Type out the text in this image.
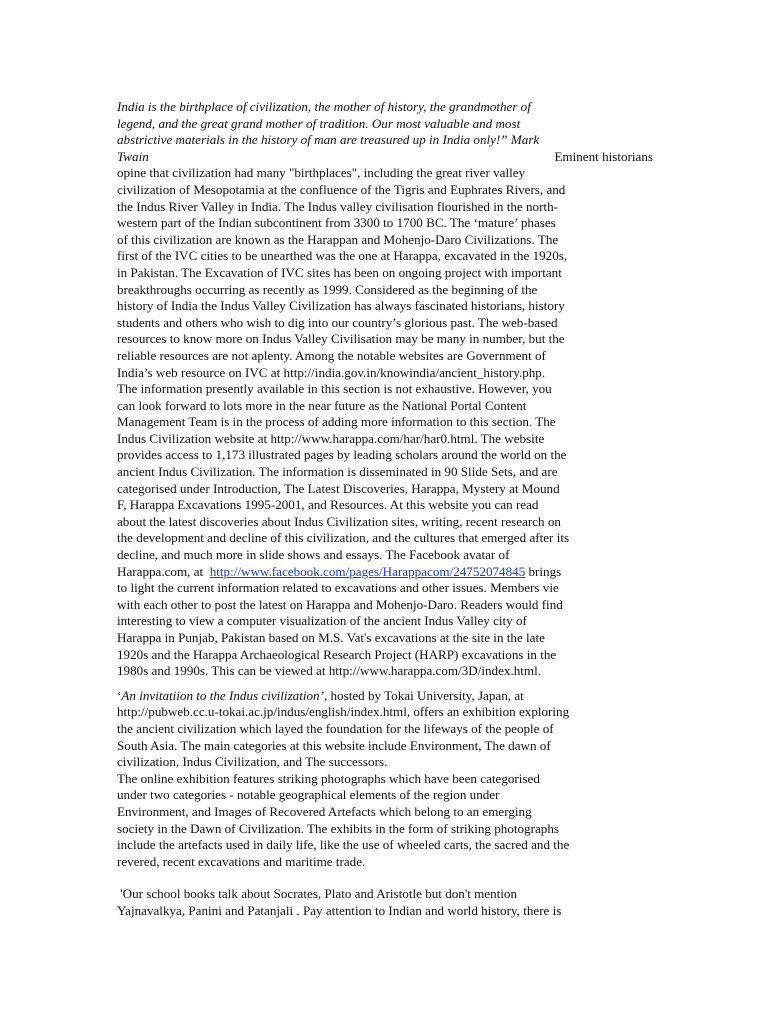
India is the birthplace of civilization, the mother of history, the grandmother of
legend, and the great grand mother of tradition. Our most valuable and most
abstrictive materials in the history of man are treasured up in India only!” Mark
Twain	Eminent historians
opine that civilization had many "birthplaces", including the great river valley
civilization of Mesopotamia at the confluence of the Tigris and Euphrates Rivers, and
the Indus River Valley in India. The Indus valley civilisation flourished in the north-
western part of the Indian subcontinent from 3300 to 1700 BC. The ‘mature’ phases
of this civilization are known as the Harappan and Mohenjo-Daro Civilizations. The
first of the IVC cities to be unearthed was the one at Harappa, excavated in the 1920s,
in Pakistan. The Excavation of IVC sites has been on ongoing project with important
breakthroughs occurring as recently as 1999. Considered as the beginning of the
history of India the Indus Valley Civilization has always fascinated historians, history
students and others who wish to dig into our country’s glorious past. The web-based
resources to know more on Indus Valley Civilisation may be many in number, but the
reliable resources are not aplenty. Among the notable websites are Government of
India’s web resource on IVC at http://india.gov.in/knowindia/ancient_history.php.
The information presently available in this section is not exhaustive. However, you
can look forward to lots more in the near future as the National Portal Content
Management Team is in the process of adding more information to this section. The
Indus Civilization website at http://www.harappa.com/har/har0.html. The website
provides access to 1,173 illustrated pages by leading scholars around the world on the
ancient Indus Civilization. The information is disseminated in 90 Slide Sets, and are
categorised under Introduction, The Latest Discoveries, Harappa, Mystery at Mound
F, Harappa Excavations 1995-2001, and Resources. At this website you can read
about the latest discoveries about Indus Civilization sites, writing, recent research on
the development and decline of this civilization, and the cultures that emerged after its
decline, and much more in slide shows and essays. The Facebook avatar of
Harappa.com, at  http://www.facebook.com/pages/Harappacom/24752074845 brings
to light the current information related to excavations and other issues. Members vie
with each other to post the latest on Harappa and Mohenjo-Daro. Readers would find
interesting to view a computer visualization of the ancient Indus Valley city of
Harappa in Punjab, Pakistan based on M.S. Vat's excavations at the site in the late
1920s and the Harappa Archaeological Research Project (HARP) excavations in the
1980s and 1990s. This can be viewed at http://www.harappa.com/3D/index.html.
‘An invitatiion to the Indus civilization’, hosted by Tokai University, Japan, at
http://pubweb.cc.u-tokai.ac.jp/indus/english/index.html, offers an exhibition exploring
the ancient civilization which layed the foundation for the lifeways of the people of
South Asia. The main categories at this website include Environment, The dawn of
civilization, Indus Civilization, and The successors.
The online exhibition features striking photographs which have been categorised
under two categories - notable geographical elements of the region under
Environment, and Images of Recovered Artefacts which belong to an emerging
society in the Dawn of Civilization. The exhibits in the form of striking photographs
include the artefacts used in daily life, like the use of wheeled carts, the sacred and the
revered, recent excavations and maritime trade.
'Our school books talk about Socrates, Plato and Aristotle but don't mention
Yajnavalkya, Panini and Patanjali . Pay attention to Indian and world history, there is
